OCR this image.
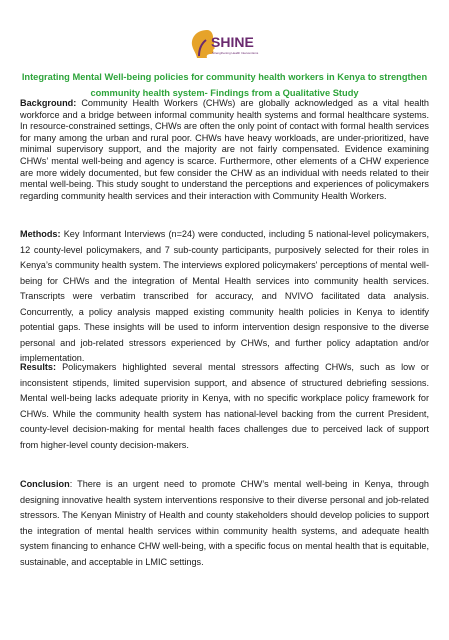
SHINE
Strengthening Health Interventions
Integrating Mental Well-being policies for community health workers in Kenya to strengthen community health system- Findings from a Qualitative Study

Background: Community Health Workers (CHWs) are globally acknowledged as a vital health workforce and a bridge between informal community health systems and formal healthcare systems. In resource-constrained settings, CHWs are often the only point of contact with formal health services for many among the urban and rural poor. CHWs have heavy workloads, are under-prioritized, have minimal supervisory support, and the majority are not fairly compensated. Evidence examining CHWs’ mental well-being and agency is scarce. Furthermore, other elements of a CHW experience are more widely documented, but few consider the CHW as an individual with needs related to their mental well-being. This study sought to understand the perceptions and experiences of policymakers regarding community health services and their interaction with Community Health Workers.

Methods: Key Informant Interviews (n=24) were conducted, including 5 national-level policymakers, 12 county-level policymakers, and 7 sub-county participants, purposively selected for their roles in Kenya’s community health system. The interviews explored policymakers' perceptions of mental well-being for CHWs and the integration of Mental Health services into community health services. Transcripts were verbatim transcribed for accuracy, and NVIVO facilitated data analysis. Concurrently, a policy analysis mapped existing community health policies in Kenya to identify potential gaps. These insights will be used to inform intervention design responsive to the diverse personal and job-related stressors experienced by CHWs, and further policy adaptation and/or implementation.

Results: Policymakers highlighted several mental stressors affecting CHWs, such as low or inconsistent stipends, limited supervision support, and absence of structured debriefing sessions. Mental well-being lacks adequate priority in Kenya, with no specific workplace policy framework for CHWs. While the community health system has national-level backing from the current President, county-level decision-making for mental health faces challenges due to perceived lack of support from higher-level county decision-makers.

Conclusion: There is an urgent need to promote CHW’s mental well-being in Kenya, through designing innovative health system interventions responsive to their diverse personal and job-related stressors. The Kenyan Ministry of Health and county stakeholders should develop policies to support the integration of mental health services within community health systems, and adequate health system financing to enhance CHW well-being, with a specific focus on mental health that is equitable, sustainable, and acceptable in LMIC settings.
